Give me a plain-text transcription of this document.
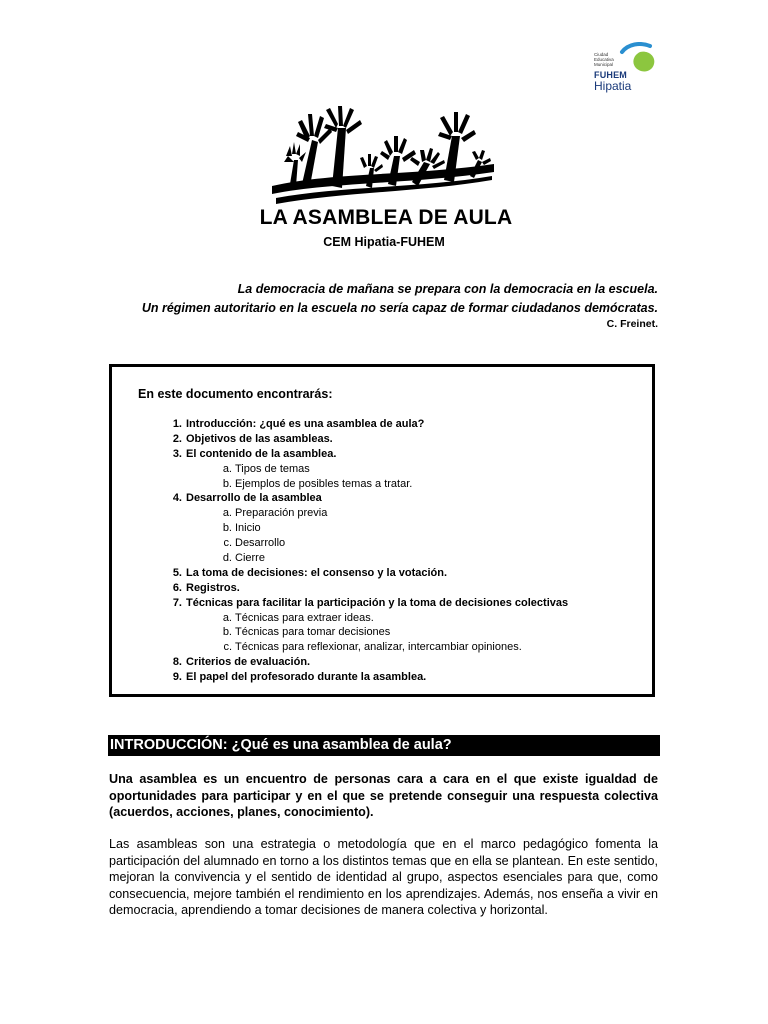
Ciudad
Educativa
Municipal
FUHEM
Hipatia
LA ASAMBLEA DE AULA
CEM Hipatia-FUHEM
La democracia de mañana se prepara con la democracia en la escuela.
Un régimen autoritario en la escuela no sería capaz de formar ciudadanos demócratas.
C. Freinet.
En este documento encontrarás:
1. Introducción: ¿qué es una asamblea de aula?
2. Objetivos de las asambleas.
3. El contenido de la asamblea.
a. Tipos de temas
b. Ejemplos de posibles temas a tratar.
4. Desarrollo de la asamblea
a. Preparación previa
b. Inicio
c. Desarrollo
d. Cierre
5. La toma de decisiones: el consenso y la votación.
6. Registros.
7. Técnicas para facilitar la participación y la toma de decisiones colectivas
a. Técnicas para extraer ideas.
b. Técnicas para tomar decisiones
c. Técnicas para reflexionar, analizar, intercambiar opiniones.
8. Criterios de evaluación.
9. El papel del profesorado durante la asamblea.
INTRODUCCIÓN: ¿Qué es una asamblea de aula?
Una asamblea es un encuentro de personas cara a cara en el que existe igualdad de oportunidades para participar y en el que se pretende conseguir una respuesta colectiva (acuerdos, acciones, planes, conocimiento).
Las asambleas son una estrategia o metodología que en el marco pedagógico fomenta la participación del alumnado en torno a los distintos temas que en ella se plantean. En este sentido, mejoran la convivencia y el sentido de identidad al grupo, aspectos esenciales para que, como consecuencia, mejore también el rendimiento en los aprendizajes. Además, nos enseña a vivir en democracia, aprendiendo a tomar decisiones de manera colectiva y horizontal.
